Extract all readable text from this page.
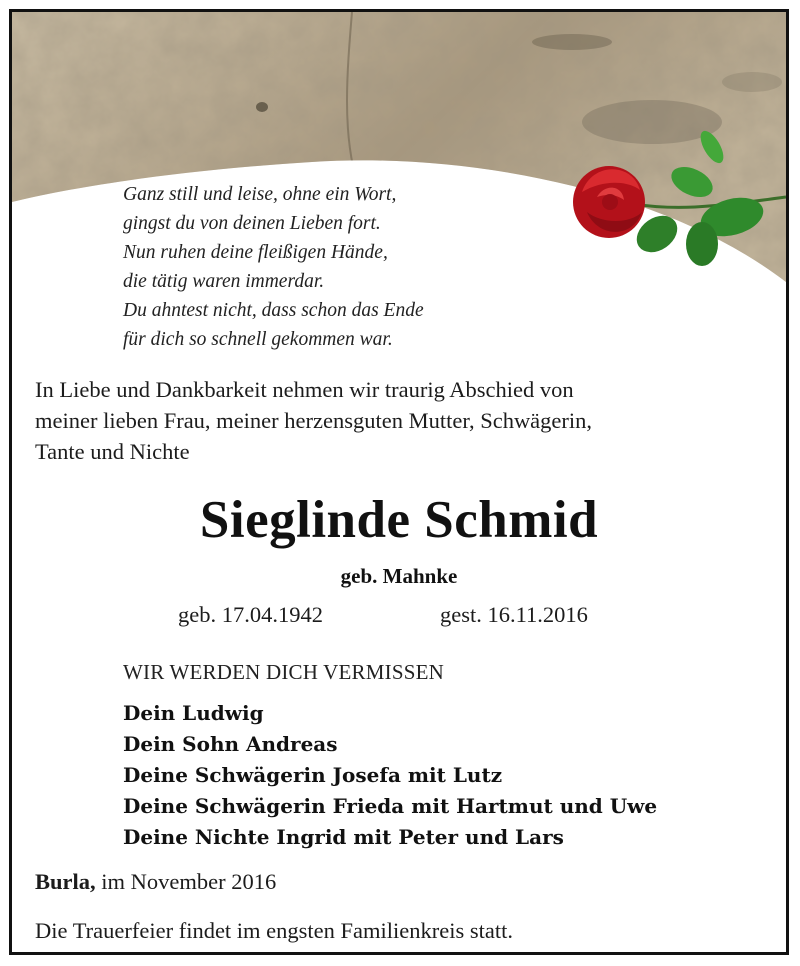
Ganz still und leise, ohne ein Wort,
gingst du von deinen Lieben fort.
Nun ruhen deine fleißigen Hände,
die tätig waren immerdar.
Du ahntest nicht, dass schon das Ende
für dich so schnell gekommen war.
In Liebe und Dankbarkeit nehmen wir traurig Abschied von
meiner lieben Frau, meiner herzensguten Mutter, Schwägerin,
Tante und Nichte
Sieglinde Schmid
geb. Mahnke
geb. 17.04.1942	gest. 16.11.2016
WIR WERDEN DICH VERMISSEN
Dein Ludwig
Dein Sohn Andreas
Deine Schwägerin Josefa mit Lutz
Deine Schwägerin Frieda mit Hartmut und Uwe
Deine Nichte Ingrid mit Peter und Lars
Burla, im November 2016
Die Trauerfeier findet im engsten Familienkreis statt.
